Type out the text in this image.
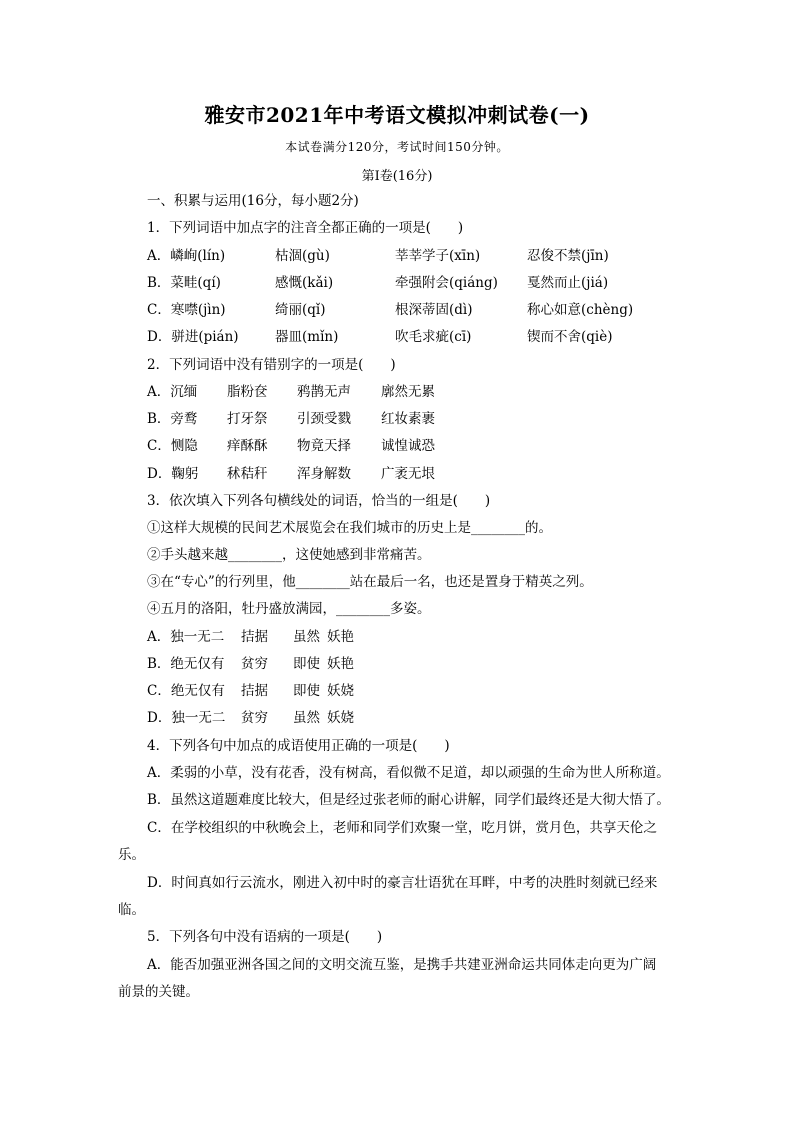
雅安市2021年中考语文模拟冲刺试卷(一)
本试卷满分120分，考试时间150分钟。
第Ⅰ卷(16分)
一、积累与运用(16分，每小题2分)
1．下列词语中加点字的注音全都正确的一项是(　　)
A．嶙峋(lín)	枯涸(gù)	莘莘学子(xīn)	忍俊不禁(jīn)
B．菜畦(qí)	感慨(kǎi)	牵强附会(qiáng) 戛然而止(jiá)
C．寒噤(jìn)	绮丽(qǐ)	根深蒂固(dì)	称心如意(chèng)
D．骈进(pián)	器皿(mǐn)	吹毛求疵(cī)	锲而不舍(qiè)
2．下列词语中没有错别字的一项是(　　)
A．沉缅 脂粉奁 鸦鹊无声 廓然无累
B．旁鹜 打牙祭 引颈受戮 红妆素裹
C．恻隐 痒酥酥 物竟天择 诚惶诚恐
D．鞠躬 秫秸秆 浑身解数 广袤无垠
3．依次填入下列各句横线处的词语，恰当的一组是(　　)
①这样大规模的民间艺术展览会在我们城市的历史上是________的。
②手头越来越________，这使她感到非常痛苦。
③在“专心”的行列里，他________站在最后一名，也还是置身于精英之列。
④五月的洛阳，牡丹盛放满园，________多姿。
A．独一无二 拮据 虽然 妖艳
B．绝无仅有 贫穷 即使 妖艳
C．绝无仅有 拮据 即使 妖娆
D．独一无二 贫穷 虽然 妖娆
4．下列各句中加点的成语使用正确的一项是(　　)
A．柔弱的小草，没有花香，没有树高，看似微不足道，却以顽强的生命为世人所称道。
B．虽然这道题难度比较大，但是经过张老师的耐心讲解，同学们最终还是大彻大悟了。
C．在学校组织的中秋晚会上，老师和同学们欢聚一堂，吃月饼，赏月色，共享天伦之
乐。
D．时间真如行云流水，刚进入初中时的豪言壮语犹在耳畔，中考的决胜时刻就已经来
临。
5．下列各句中没有语病的一项是(　　)
A．能否加强亚洲各国之间的文明交流互鉴，是携手共建亚洲命运共同体走向更为广阔
前景的关键。
